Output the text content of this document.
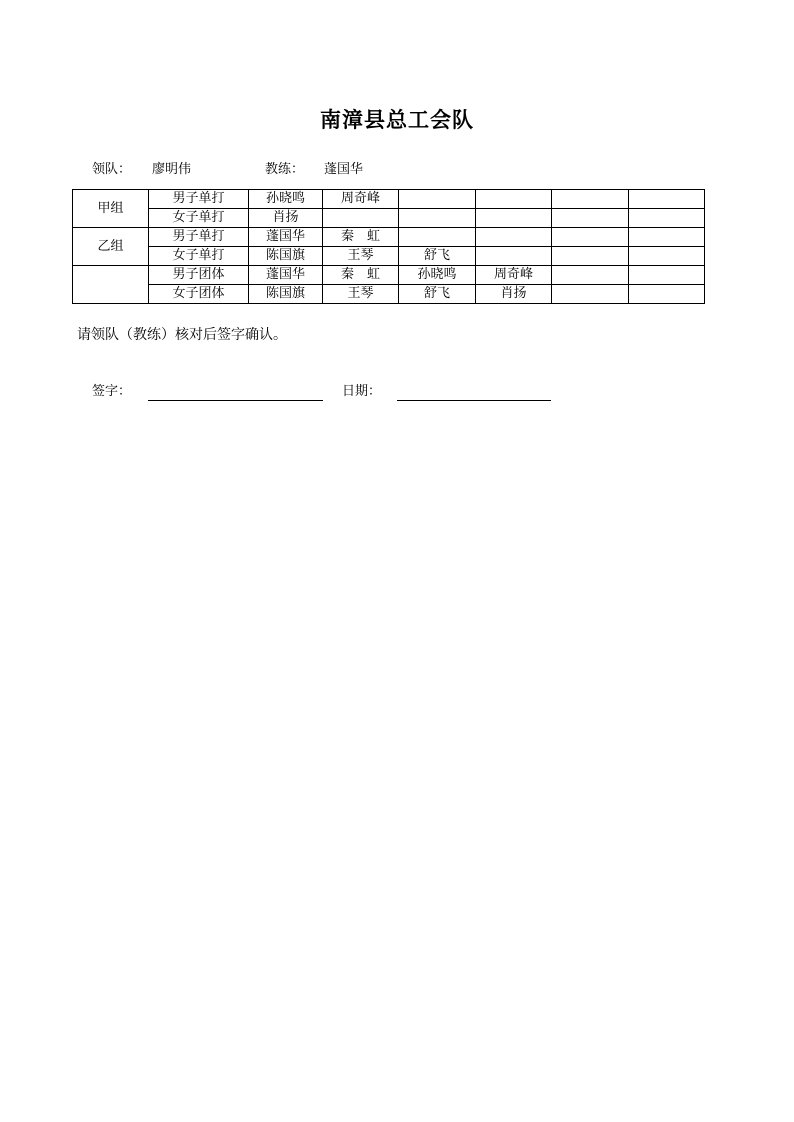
南漳县总工会队
领队： 廖明伟	教练： 蓬国华
甲组	男子单打	孙晓鸣	周奇峰				
	女子单打	肖扬					
乙组	男子单打	蓬国华	秦　虹				
	女子单打	陈国旗	王琴	舒飞			
	男子团体	蓬国华	秦　虹	孙晓鸣	周奇峰		
	女子团体	陈国旗	王琴	舒飞	肖扬		
请领队（教练）核对后签字确认。
签字：	日期：
